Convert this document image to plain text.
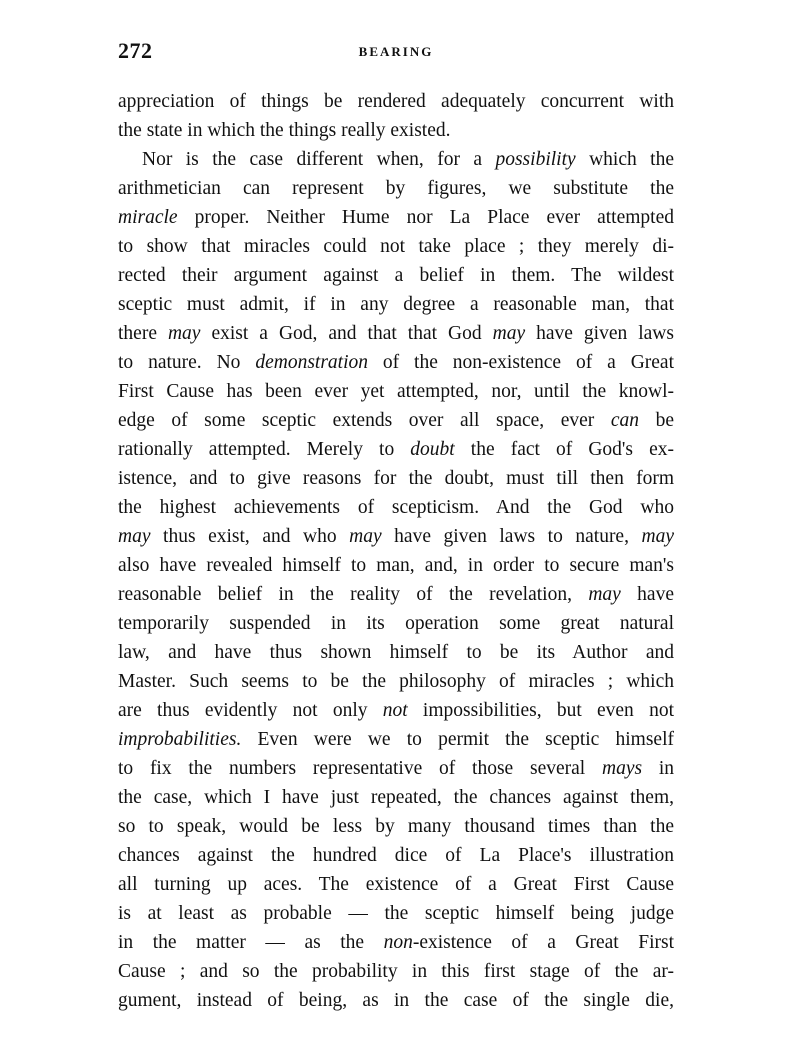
272	BEARING
appreciation of things be rendered adequately concurrent with
the state in which the things really existed.
Nor is the case different when, for a possibility which the
arithmetician can represent by figures, we substitute the
miracle proper. Neither Hume nor La Place ever attempted
to show that miracles could not take place ; they merely di-
rected their argument against a belief in them. The wildest
sceptic must admit, if in any degree a reasonable man, that
there may exist a God, and that that God may have given laws
to nature. No demonstration of the non-existence of a Great
First Cause has been ever yet attempted, nor, until the knowl-
edge of some sceptic extends over all space, ever can be
rationally attempted. Merely to doubt the fact of God's ex-
istence, and to give reasons for the doubt, must till then form
the highest achievements of scepticism. And the God who
may thus exist, and who may have given laws to nature, may
also have revealed himself to man, and, in order to secure man's
reasonable belief in the reality of the revelation, may have
temporarily suspended in its operation some great natural
law, and have thus shown himself to be its Author and
Master. Such seems to be the philosophy of miracles ; which
are thus evidently not only not impossibilities, but even not
improbabilities. Even were we to permit the sceptic himself
to fix the numbers representative of those several mays in
the case, which I have just repeated, the chances against them,
so to speak, would be less by many thousand times than the
chances against the hundred dice of La Place's illustration
all turning up aces. The existence of a Great First Cause
is at least as probable — the sceptic himself being judge
in the matter — as the non-existence of a Great First
Cause ; and so the probability in this first stage of the ar-
gument, instead of being, as in the case of the single die,
